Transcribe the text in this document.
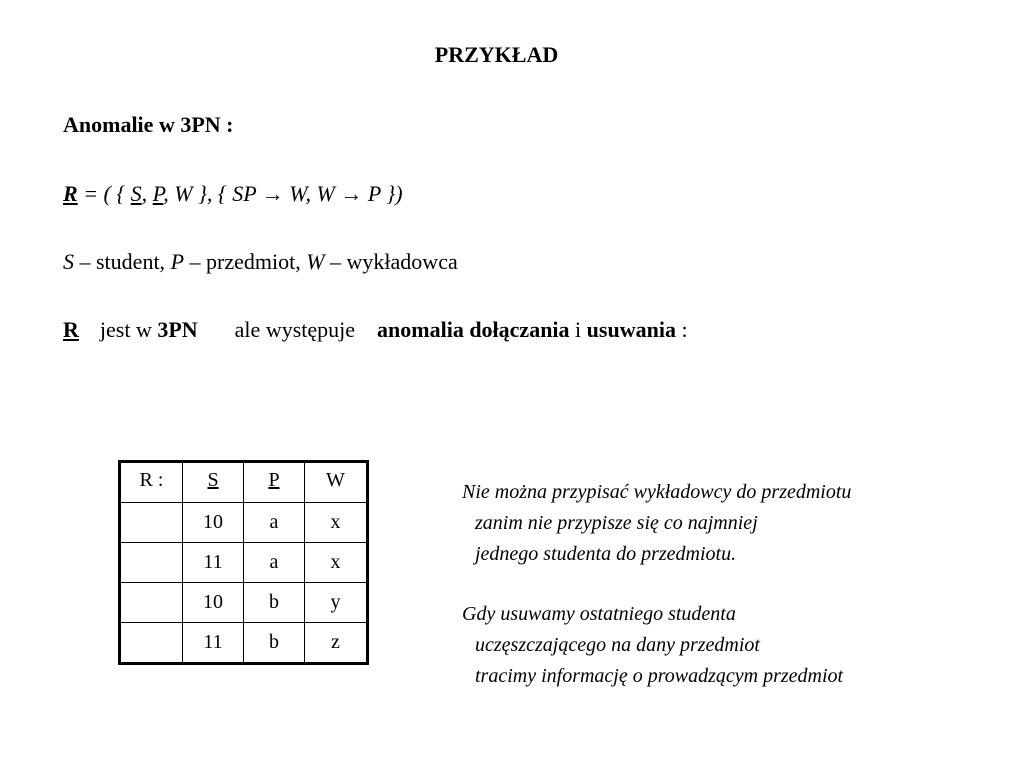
PRZYKŁAD
Anomalie w 3PN :
R = ( { S, P, W }, { SP → W, W → P })
S – student, P – przedmiot, W – wykładowca
R jest w 3PN ale występuje anomalia dołączania i usuwania :
R :	S	P	W
	10	a	x
	11	a	x
	10	b	y
	11	b	z
Nie można przypisać wykładowcy do przedmiotu
zanim nie przypisze się co najmniej
jednego studenta do przedmiotu.
Gdy usuwamy ostatniego studenta
uczęszczającego na dany przedmiot
tracimy informację o prowadzącym przedmiot
